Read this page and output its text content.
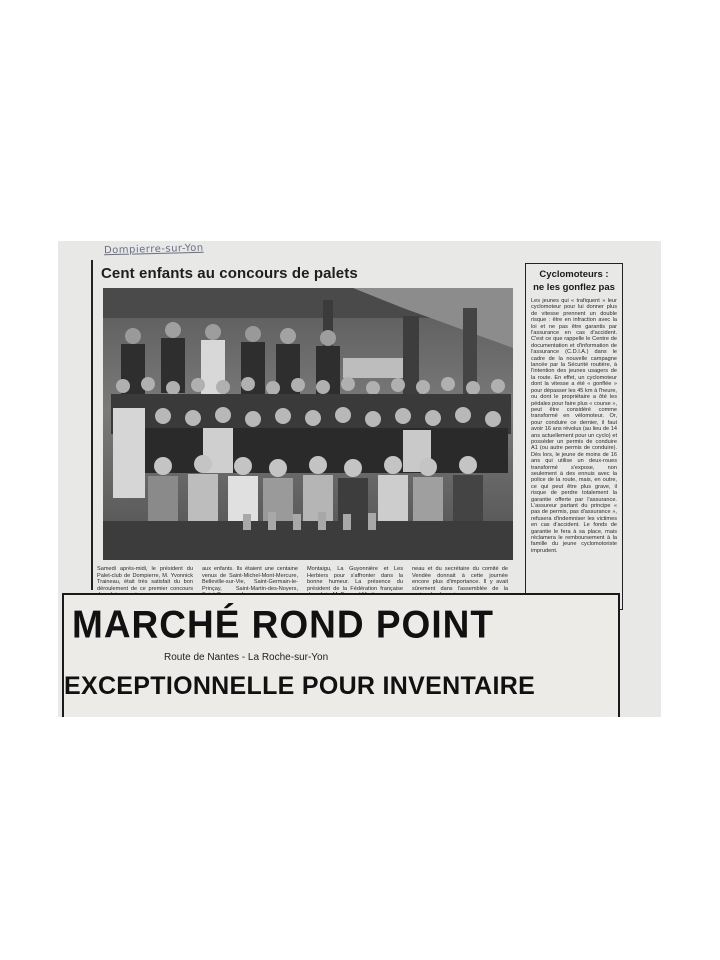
Dompierre-sur-Yon
Cent enfants au concours de palets
Samedi après-midi, le président du Palet-club de Dompierre, M. Yvonnick Traineau, était très satisfait du bon déroulement de ce premier concours
aux enfants. Ils étaient une centaine venus de Saint-Michel-Mont-Mercure, Belleville-sur-Vie, Saint-Germain-le-Prinçay, Saint-Martin-des-Noyers,
Montaigu, La Guyonnière et Les Herbiers pour s'affronter dans la bonne humeur. La présence du président de la Fédération française
neau et du secrétaire du comité de Vendée donnait à cette journée encore plus d'importance. Il y avait sûrement dans l'assemblée de la
Cyclomoteurs :
ne les gonflez pas
Les jeunes qui « trafiquent » leur cyclomoteur pour lui donner plus de vitesse prennent un double risque : être en infraction avec la loi et ne pas être garantis par l'assurance en cas d'accident. C'est ce que rappelle le Centre de documentation et d'information de l'assurance (C.D.I.A.) dans le cadre de la nouvelle campagne lancée par la Sécurité routière, à l'intention des jeunes usagers de la route. En effet, un cyclomoteur dont la vitesse a été « gonflée » pour dépasser les 45 km à l'heure, ou dont le propriétaire a ôté les pédales pour faire plus « course », peut être considéré comme transformé en vélomoteur. Or, pour conduire ce dernier, il faut avoir 16 ans révolus (au lieu de 14 ans actuellement pour un cyclo) et posséder un permis de conduire A1 (ou autre permis de conduire). Dès lors, le jeune de moins de 16 ans qui utilise un deux-roues transformé s'expose, non seulement à des ennuis avec la police de la route, mais, en outre, ce qui peut être plus grave, il risque de perdre totalement la garantie offerte par l'assurance. L'assureur partant du principe « pas de permis, pas d'assurance », refusera d'indemniser les victimes en cas d'accident. Le fonds de garantie le fera à sa place, mais réclamera le remboursement à la famille du jeune cyclomotoriste imprudent.
MARCHÉ ROND POINT
Route de Nantes - La Roche-sur-Yon
EXCEPTIONNELLE POUR INVENTAIRE
